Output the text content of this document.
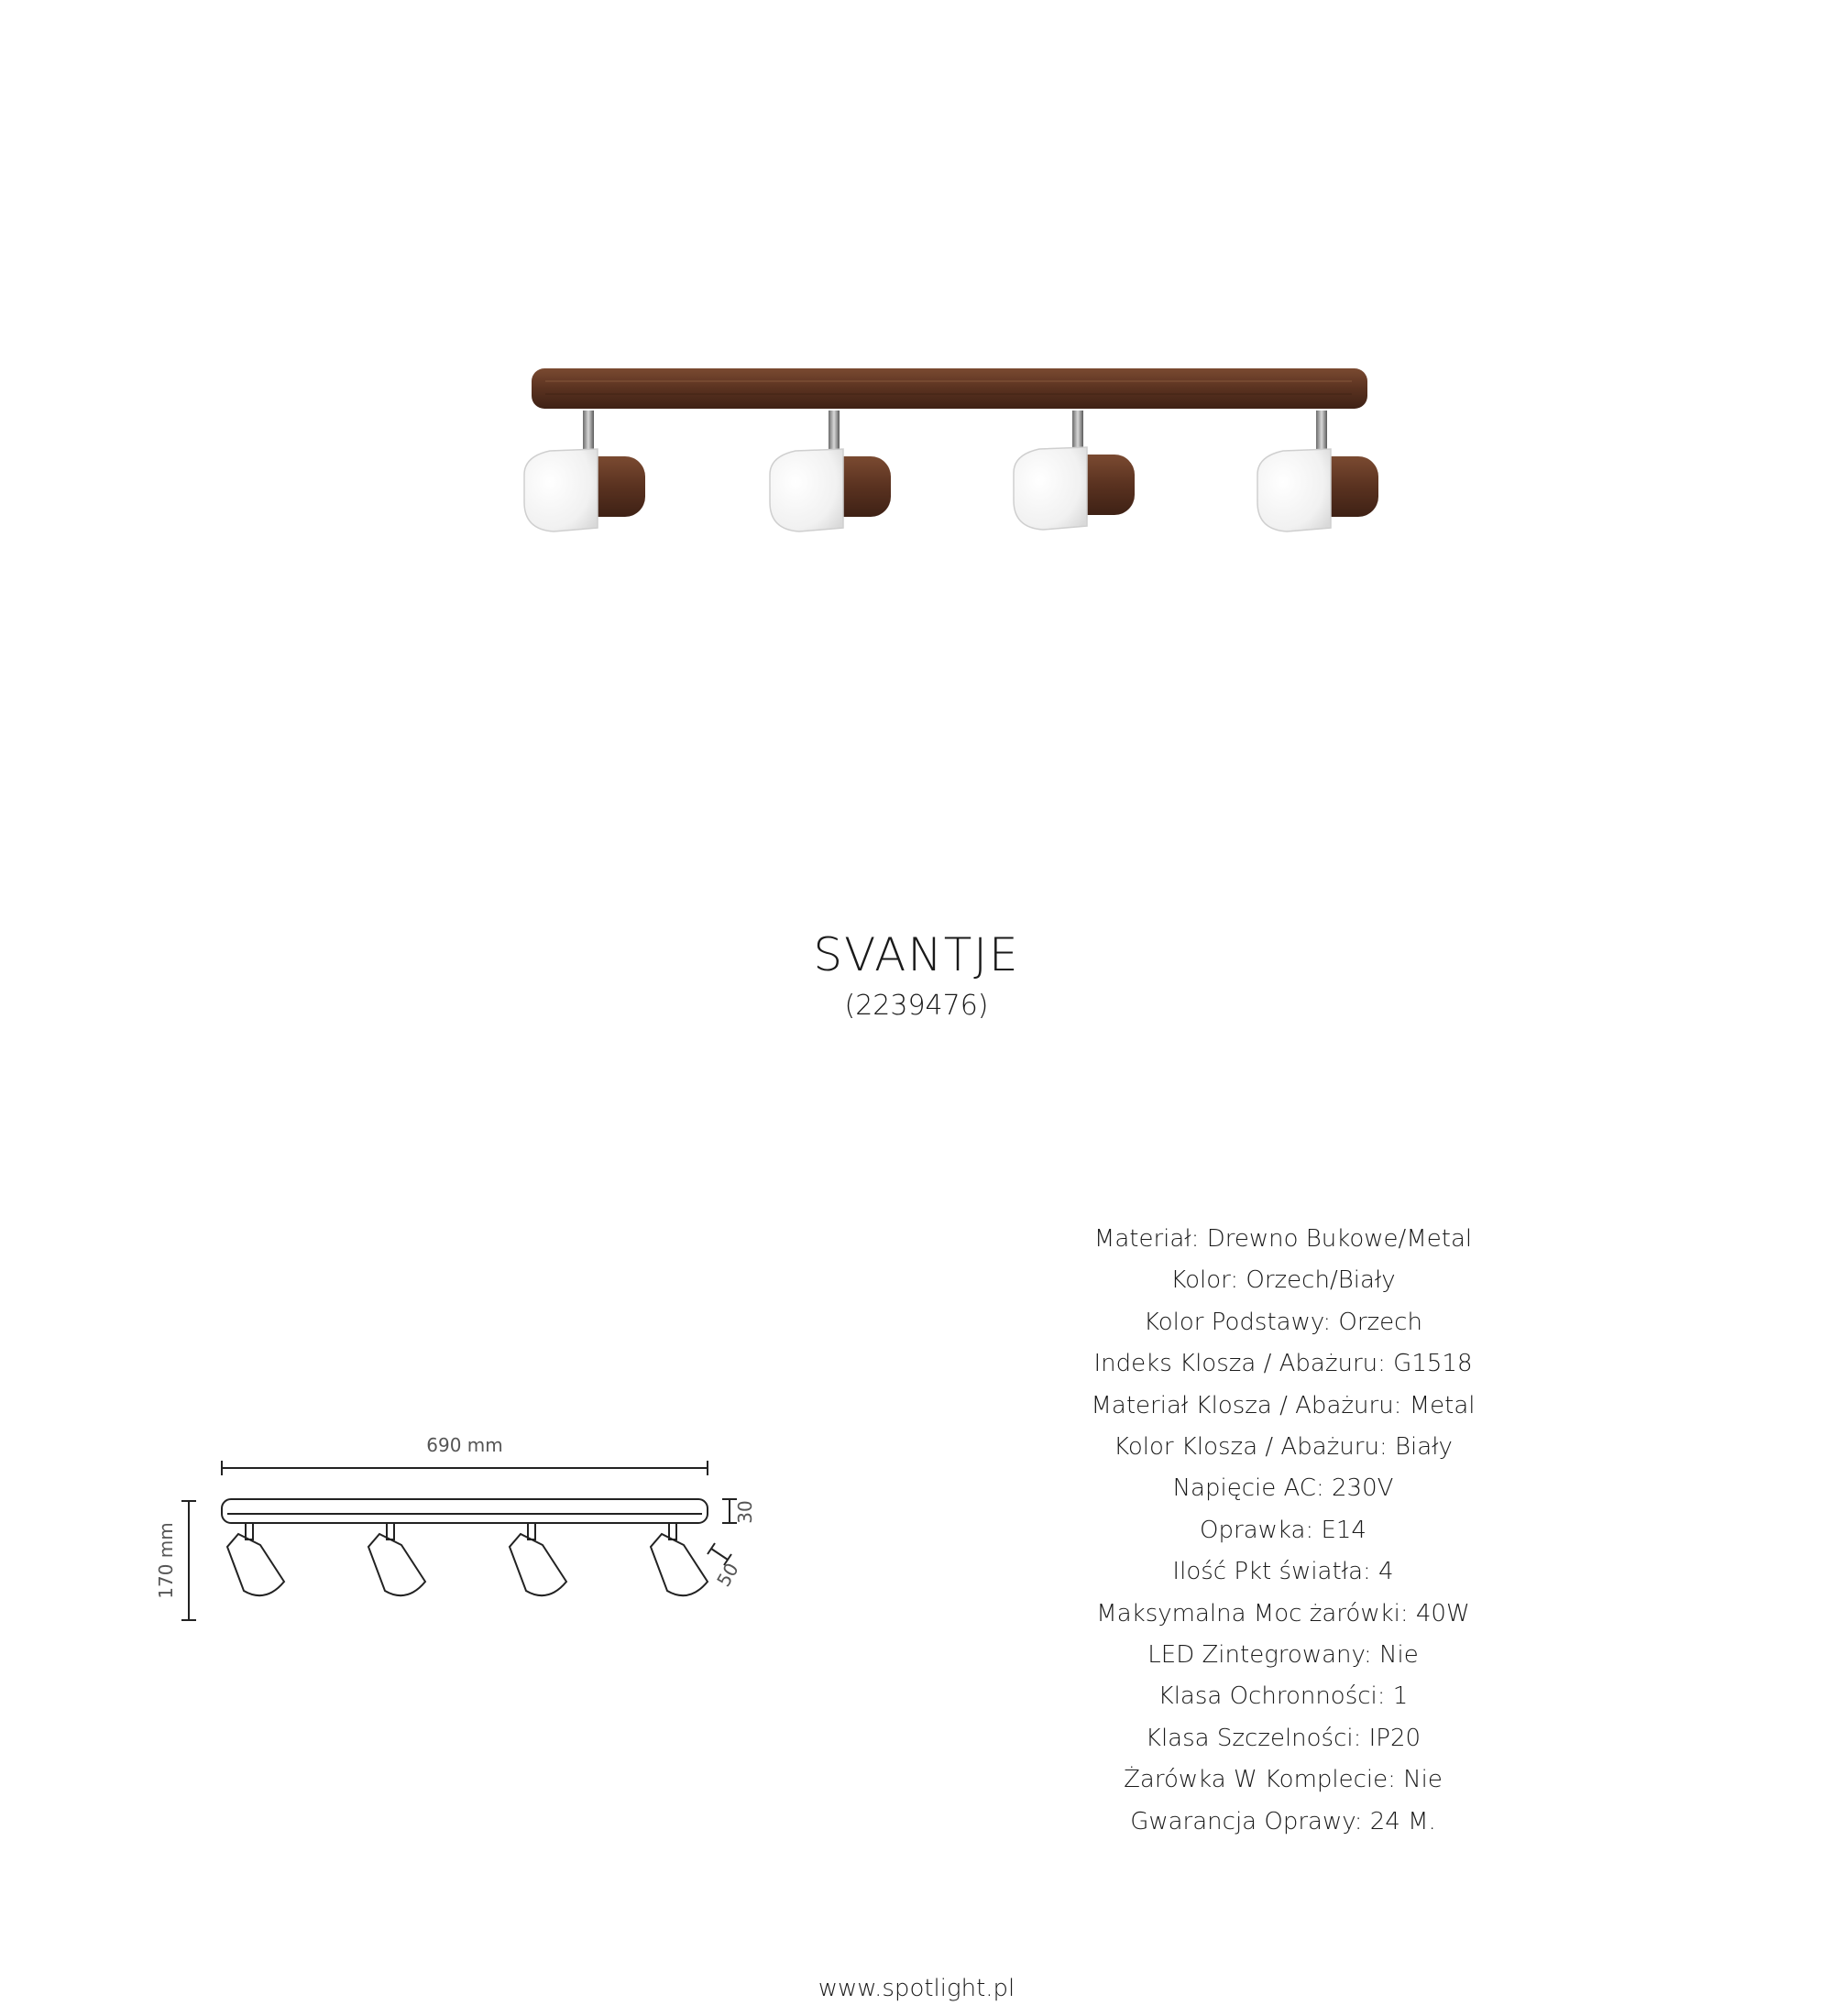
SVANTJE
(2239476)
690 mm
170 mm
30
50
Materiał: Drewno Bukowe/Metal
Kolor: Orzech/Biały
Kolor Podstawy: Orzech
Indeks Klosza / Abażuru: G1518
Materiał Klosza / Abażuru: Metal
Kolor Klosza / Abażuru: Biały
Napięcie AC: 230V
Oprawka: E14
Ilość Pkt światła: 4
Maksymalna Moc żarówki: 40W
LED Zintegrowany: Nie
Klasa Ochronności: 1
Klasa Szczelności: IP20
Żarówka W Komplecie: Nie
Gwarancja Oprawy: 24 M.
www.spotlight.pl
